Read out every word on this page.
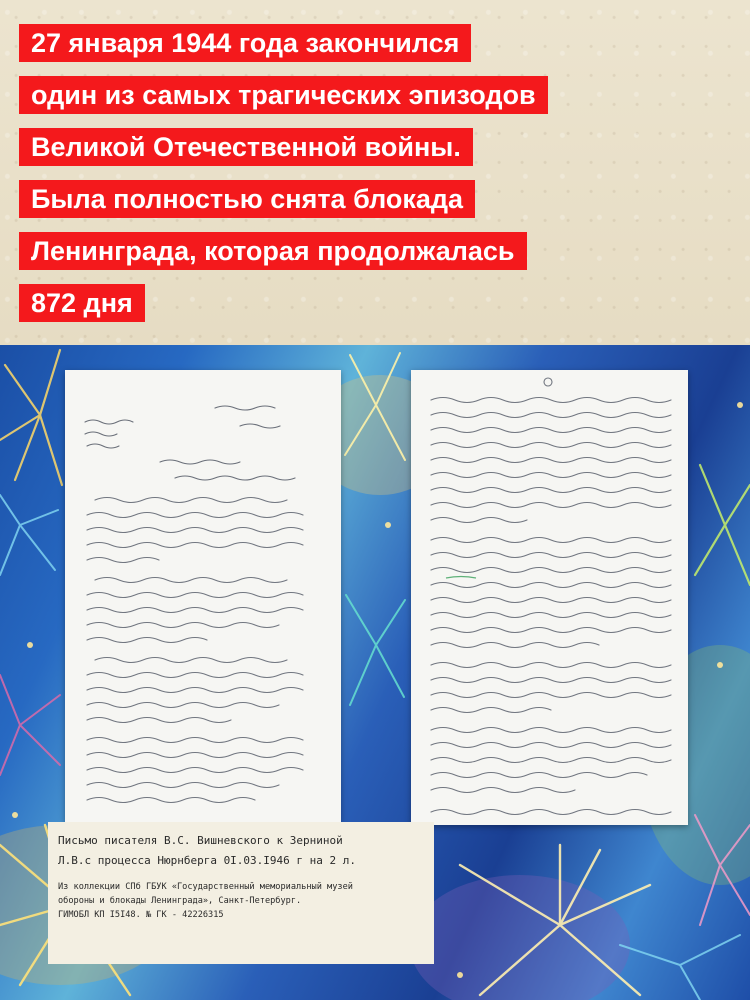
27 января 1944 года закончился
один из самых трагических эпизодов
Великой Отечественной войны.
Была полностью снята блокада
Ленинграда, которая продолжалась
872 дня
Письмо писателя В.С. Вишневского к Зерниной
Л.В.с процесса Нюрнберга 0I.03.I946 г на 2 л.
Из коллекции СПб ГБУК «Государственный мемориальный музей
обороны и блокады Ленинграда», Санкт-Петербург.
ГИМОБЛ КП I5I48. № ГК - 42226315
